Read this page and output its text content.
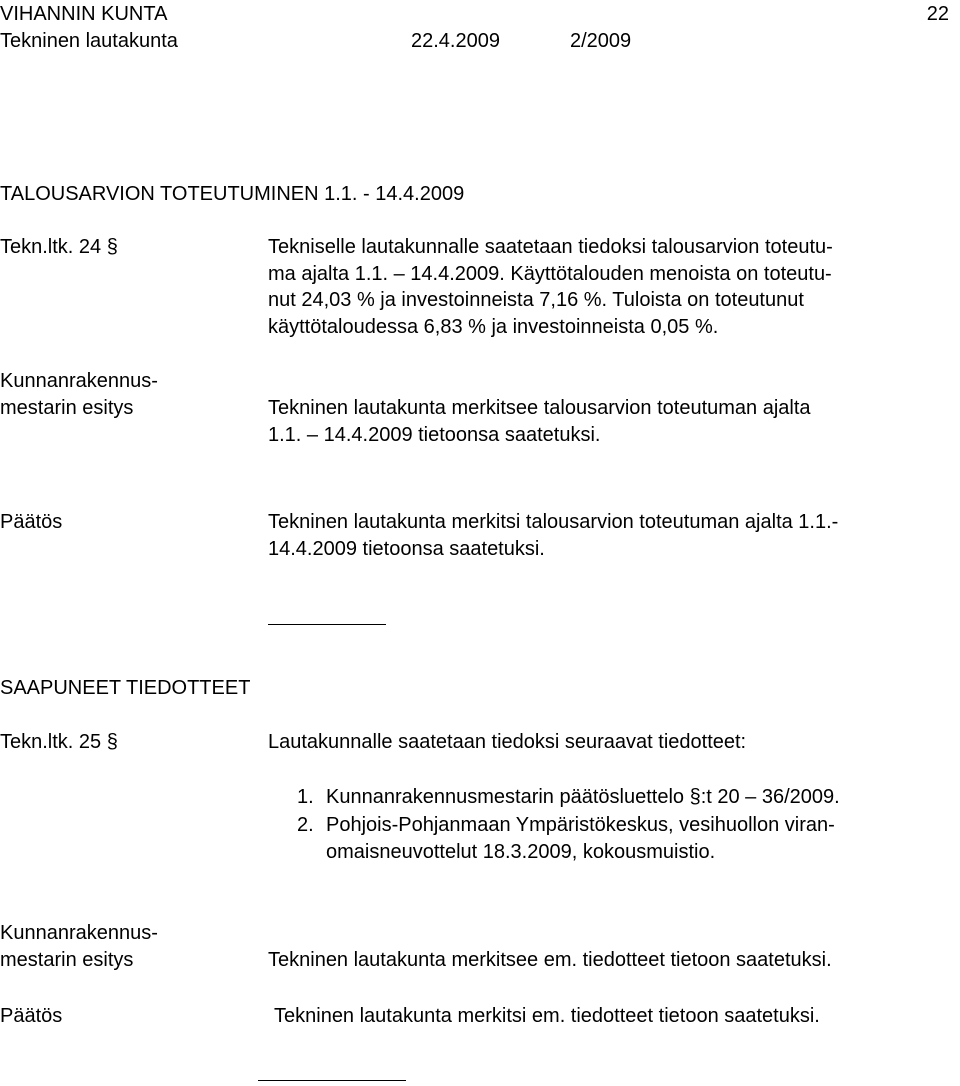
VIHANNIN KUNTA	22
Tekninen lautakunta	22.4.2009	2/2009
TALOUSARVION TOTEUTUMINEN 1.1. - 14.4.2009
Tekn.ltk. 24 §	Tekniselle lautakunnalle saatetaan tiedoksi talousarvion toteutu-
ma ajalta 1.1. – 14.4.2009. Käyttötalouden menoista on toteutu-
nut 24,03 % ja investoinneista 7,16 %. Tuloista on toteutunut
käyttötaloudessa 6,83 % ja investoinneista 0,05 %.
Kunnanrakennus-
mestarin esitys	Tekninen lautakunta merkitsee talousarvion toteutuman ajalta
1.1. – 14.4.2009 tietoonsa saatetuksi.
Päätös	Tekninen lautakunta merkitsi talousarvion toteutuman ajalta 1.1.-
14.4.2009 tietoonsa saatetuksi.
SAAPUNEET TIEDOTTEET
Tekn.ltk. 25 §	Lautakunnalle saatetaan tiedoksi seuraavat tiedotteet:
1. Kunnanrakennusmestarin päätösluettelo §:t 20 – 36/2009.
2. Pohjois-Pohjanmaan Ympäristökeskus, vesihuollon viran-
omaisneuvottelut 18.3.2009, kokousmuistio.
Kunnanrakennus-
mestarin esitys	Tekninen lautakunta merkitsee em. tiedotteet tietoon saatetuksi.
Päätös	Tekninen lautakunta merkitsi em. tiedotteet tietoon saatetuksi.
